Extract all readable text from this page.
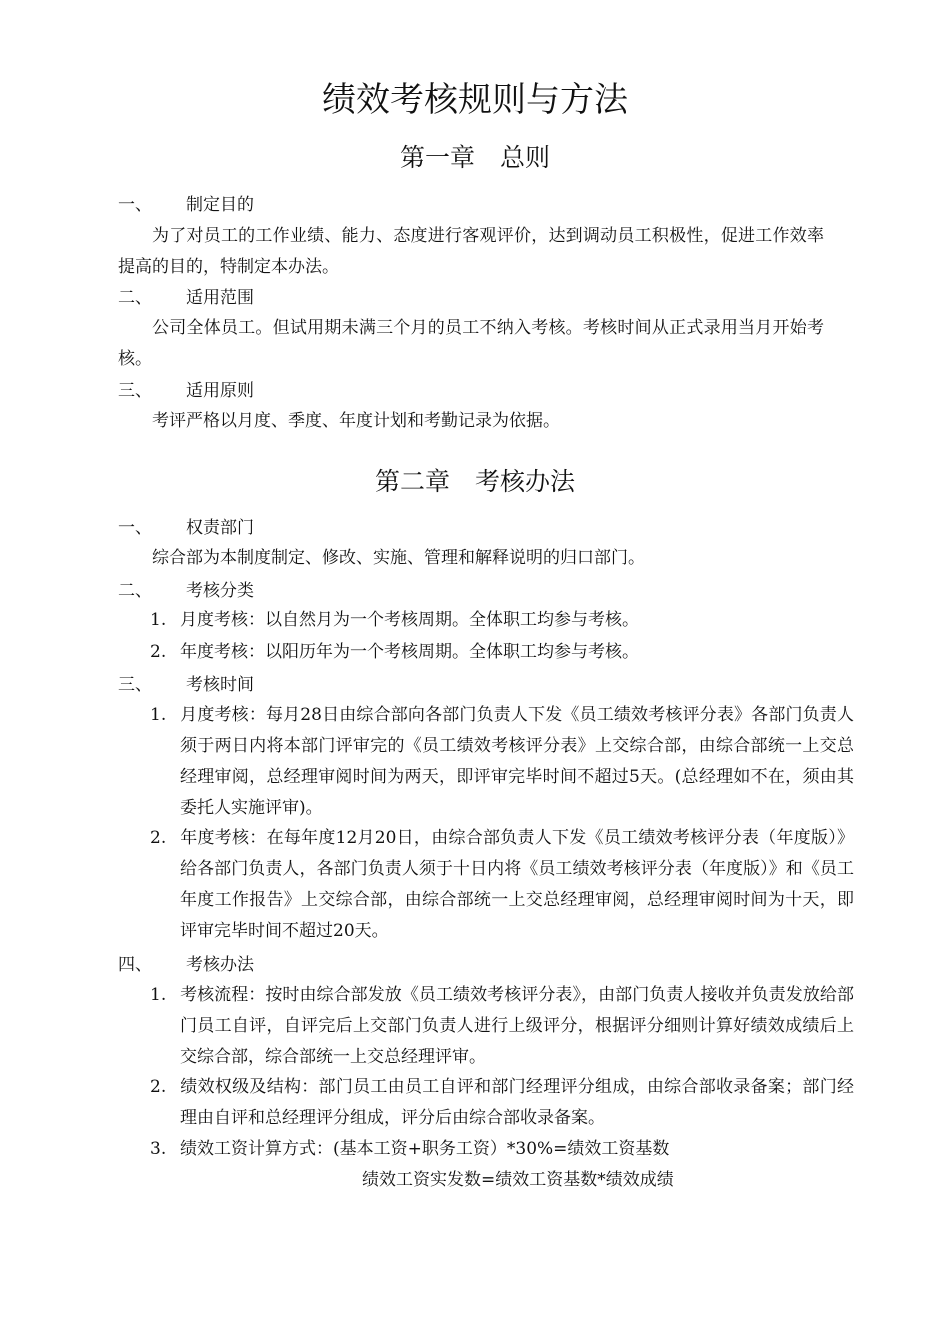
绩效考核规则与方法
第一章　总则
一、 制定目的
为了对员工的工作业绩、能力、态度进行客观评价，达到调动员工积极性，促进工作效率提高的目的，特制定本办法。
二、 适用范围
公司全体员工。但试用期未满三个月的员工不纳入考核。考核时间从正式录用当月开始考核。
三、 适用原则
考评严格以月度、季度、年度计划和考勤记录为依据。
第二章　考核办法
一、 权责部门
综合部为本制度制定、修改、实施、管理和解释说明的归口部门。
二、 考核分类
1. 月度考核：以自然月为一个考核周期。全体职工均参与考核。
2. 年度考核：以阳历年为一个考核周期。全体职工均参与考核。
三、 考核时间
1. 月度考核：每月28日由综合部向各部门负责人下发《员工绩效考核评分表》各部门负责人须于两日内将本部门评审完的《员工绩效考核评分表》上交综合部，由综合部统一上交总经理审阅，总经理审阅时间为两天，即评审完毕时间不超过5天。(总经理如不在，须由其委托人实施评审)。
2. 年度考核：在每年度12月20日，由综合部负责人下发《员工绩效考核评分表（年度版）》给各部门负责人，各部门负责人须于十日内将《员工绩效考核评分表（年度版）》和《员工年度工作报告》上交综合部，由综合部统一上交总经理审阅，总经理审阅时间为十天，即评审完毕时间不超过20天。
四、 考核办法
1. 考核流程：按时由综合部发放《员工绩效考核评分表》，由部门负责人接收并负责发放给部门员工自评，自评完后上交部门负责人进行上级评分，根据评分细则计算好绩效成绩后上交综合部，综合部统一上交总经理评审。
2. 绩效权级及结构：部门员工由员工自评和部门经理评分组成，由综合部收录备案；部门经理由自评和总经理评分组成，评分后由综合部收录备案。
3. 绩效工资计算方式：(基本工资+职务工资）*30%=绩效工资基数
绩效工资实发数=绩效工资基数*绩效成绩
